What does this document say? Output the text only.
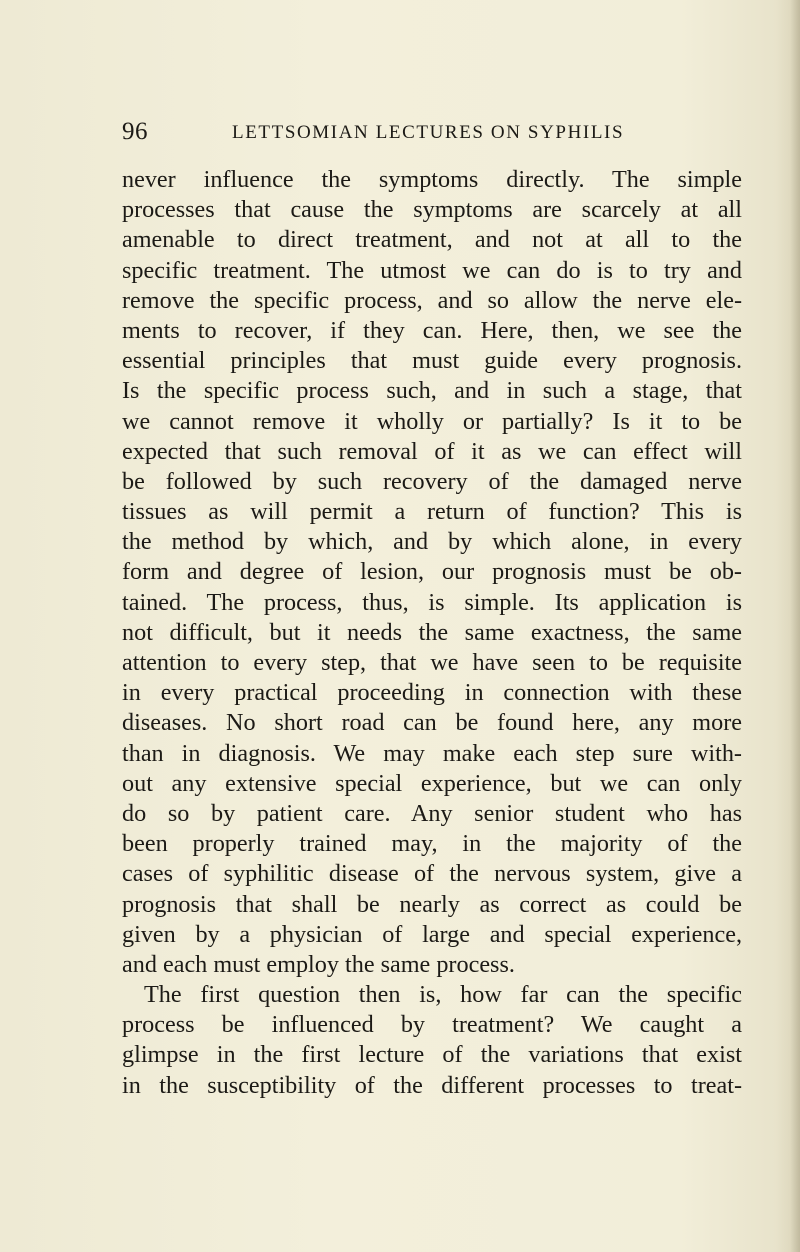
96	LETTSOMIAN LECTURES ON SYPHILIS
never influence the symptoms directly. The simple
processes that cause the symptoms are scarcely at all
amenable to direct treatment, and not at all to the
specific treatment. The utmost we can do is to try and
remove the specific process, and so allow the nerve ele-
ments to recover, if they can. Here, then, we see the
essential principles that must guide every prognosis.
Is the specific process such, and in such a stage, that
we cannot remove it wholly or partially? Is it to be
expected that such removal of it as we can effect will
be followed by such recovery of the damaged nerve
tissues as will permit a return of function? This is
the method by which, and by which alone, in every
form and degree of lesion, our prognosis must be ob-
tained. The process, thus, is simple. Its application is
not difficult, but it needs the same exactness, the same
attention to every step, that we have seen to be requisite
in every practical proceeding in connection with these
diseases. No short road can be found here, any more
than in diagnosis. We may make each step sure with-
out any extensive special experience, but we can only
do so by patient care. Any senior student who has
been properly trained may, in the majority of the
cases of syphilitic disease of the nervous system, give a
prognosis that shall be nearly as correct as could be
given by a physician of large and special experience,
and each must employ the same process.
The first question then is, how far can the specific
process be influenced by treatment? We caught a
glimpse in the first lecture of the variations that exist
in the susceptibility of the different processes to treat-
